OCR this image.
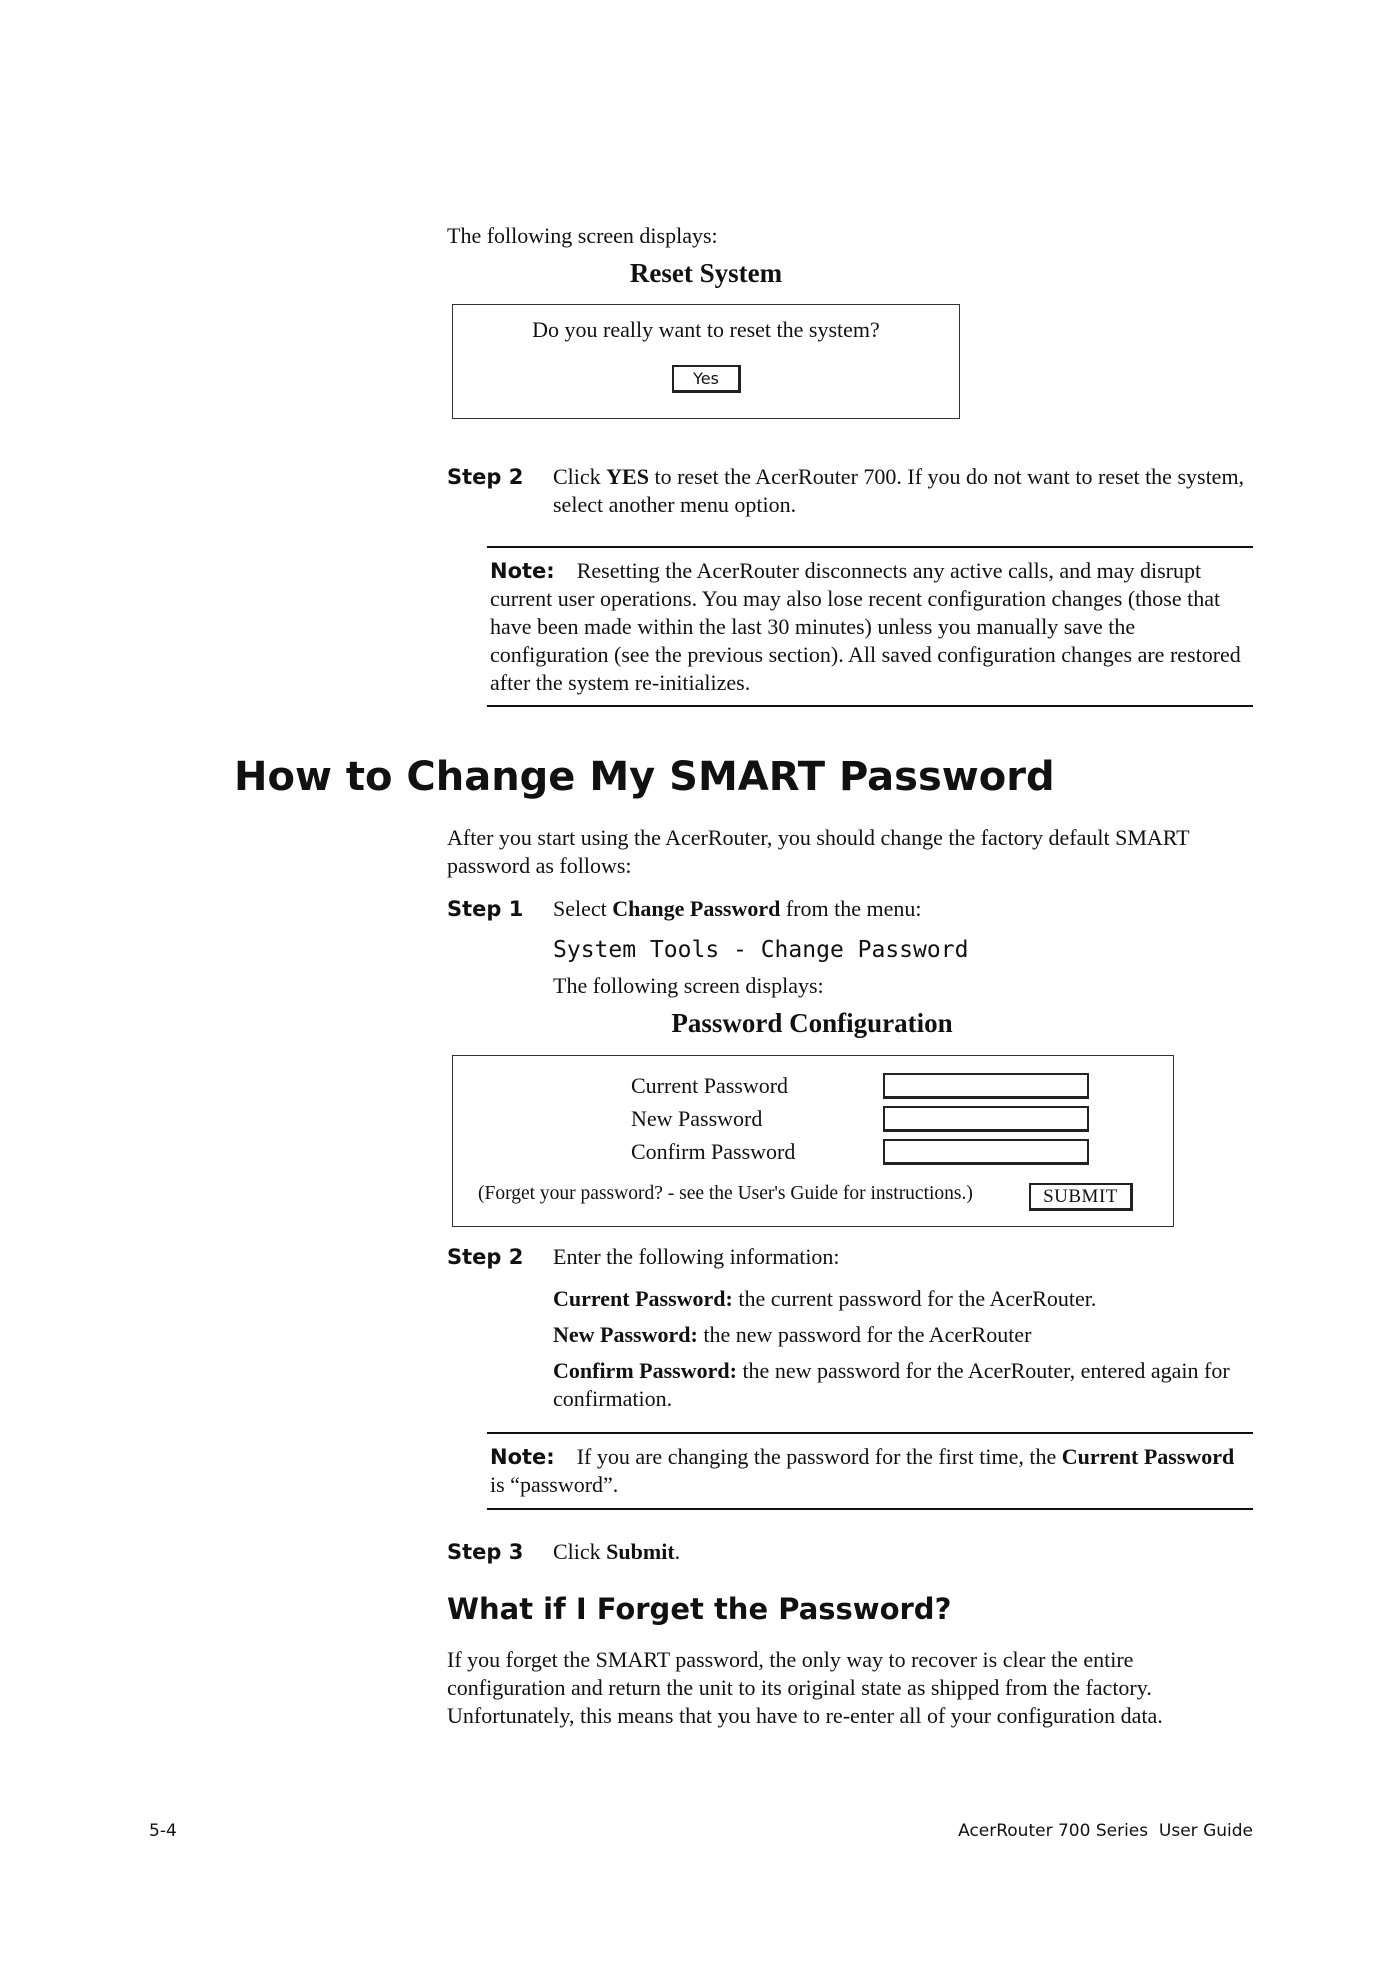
The following screen displays:
Reset System
Do you really want to reset the system?
Yes
Step 2 Click YES to reset the AcerRouter 700. If you do not want to reset the system, select another menu option.
Note: Resetting the AcerRouter disconnects any active calls, and may disrupt current user operations. You may also lose recent configuration changes (those that have been made within the last 30 minutes) unless you manually save the configuration (see the previous section). All saved configuration changes are restored after the system re-initializes.
How to Change My SMART Password
After you start using the AcerRouter, you should change the factory default SMART password as follows:
Step 1 Select Change Password from the menu:
System Tools - Change Password
The following screen displays:
Password Configuration
Current Password
New Password
Confirm Password
(Forget your password? - see the User's Guide for instructions.)	SUBMIT
Step 2 Enter the following information:
Current Password: the current password for the AcerRouter.
New Password: the new password for the AcerRouter
Confirm Password: the new password for the AcerRouter, entered again for confirmation.
Note: If you are changing the password for the first time, the Current Password is “password”.
Step 3 Click Submit.
What if I Forget the Password?
If you forget the SMART password, the only way to recover is clear the entire configuration and return the unit to its original state as shipped from the factory. Unfortunately, this means that you have to re-enter all of your configuration data.
5-4	AcerRouter 700 Series  User Guide
